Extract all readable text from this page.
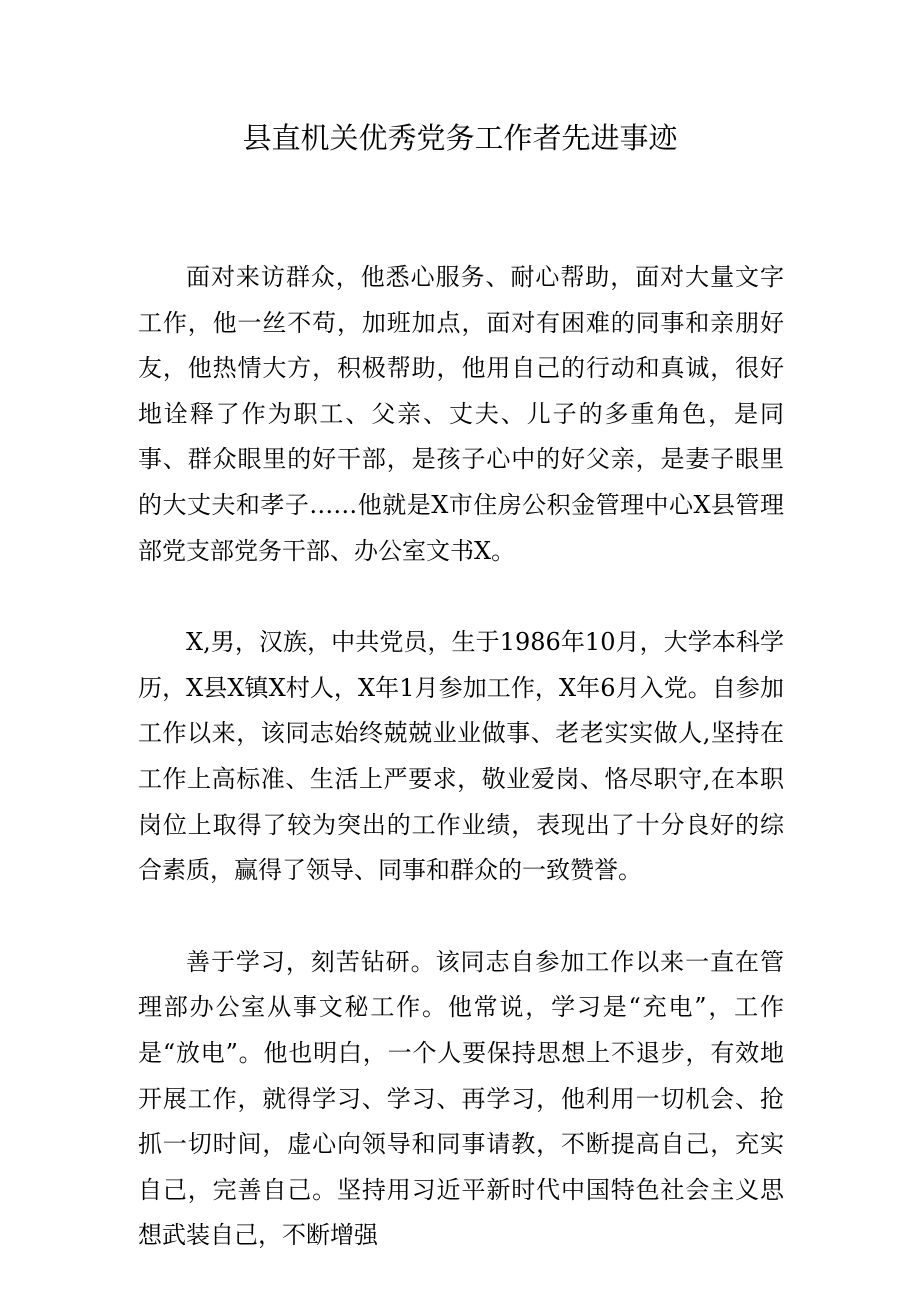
县直机关优秀党务工作者先进事迹

面对来访群众，他悉心服务、耐心帮助，面对大量文字工作，他一丝不苟，加班加点，面对有困难的同事和亲朋好友，他热情大方，积极帮助，他用自己的行动和真诚，很好地诠释了作为职工、父亲、丈夫、儿子的多重角色，是同事、群众眼里的好干部，是孩子心中的好父亲，是妻子眼里的大丈夫和孝子……他就是X市住房公积金管理中心X县管理部党支部党务干部、办公室文书X。

X,男，汉族，中共党员，生于1986年10月，大学本科学历，X县X镇X村人，X年1月参加工作，X年6月入党。自参加工作以来，该同志始终兢兢业业做事、老老实实做人,坚持在工作上高标准、生活上严要求，敬业爱岗、恪尽职守,在本职岗位上取得了较为突出的工作业绩，表现出了十分良好的综合素质，赢得了领导、同事和群众的一致赞誉。

善于学习，刻苦钻研。该同志自参加工作以来一直在管理部办公室从事文秘工作。他常说，学习是“充电”，工作是“放电”。他也明白，一个人要保持思想上不退步，有效地开展工作，就得学习、学习、再学习，他利用一切机会、抢抓一切时间，虚心向领导和同事请教，不断提高自己，充实自己，完善自己。坚持用习近平新时代中国特色社会主义思想武装自己，不断增强
